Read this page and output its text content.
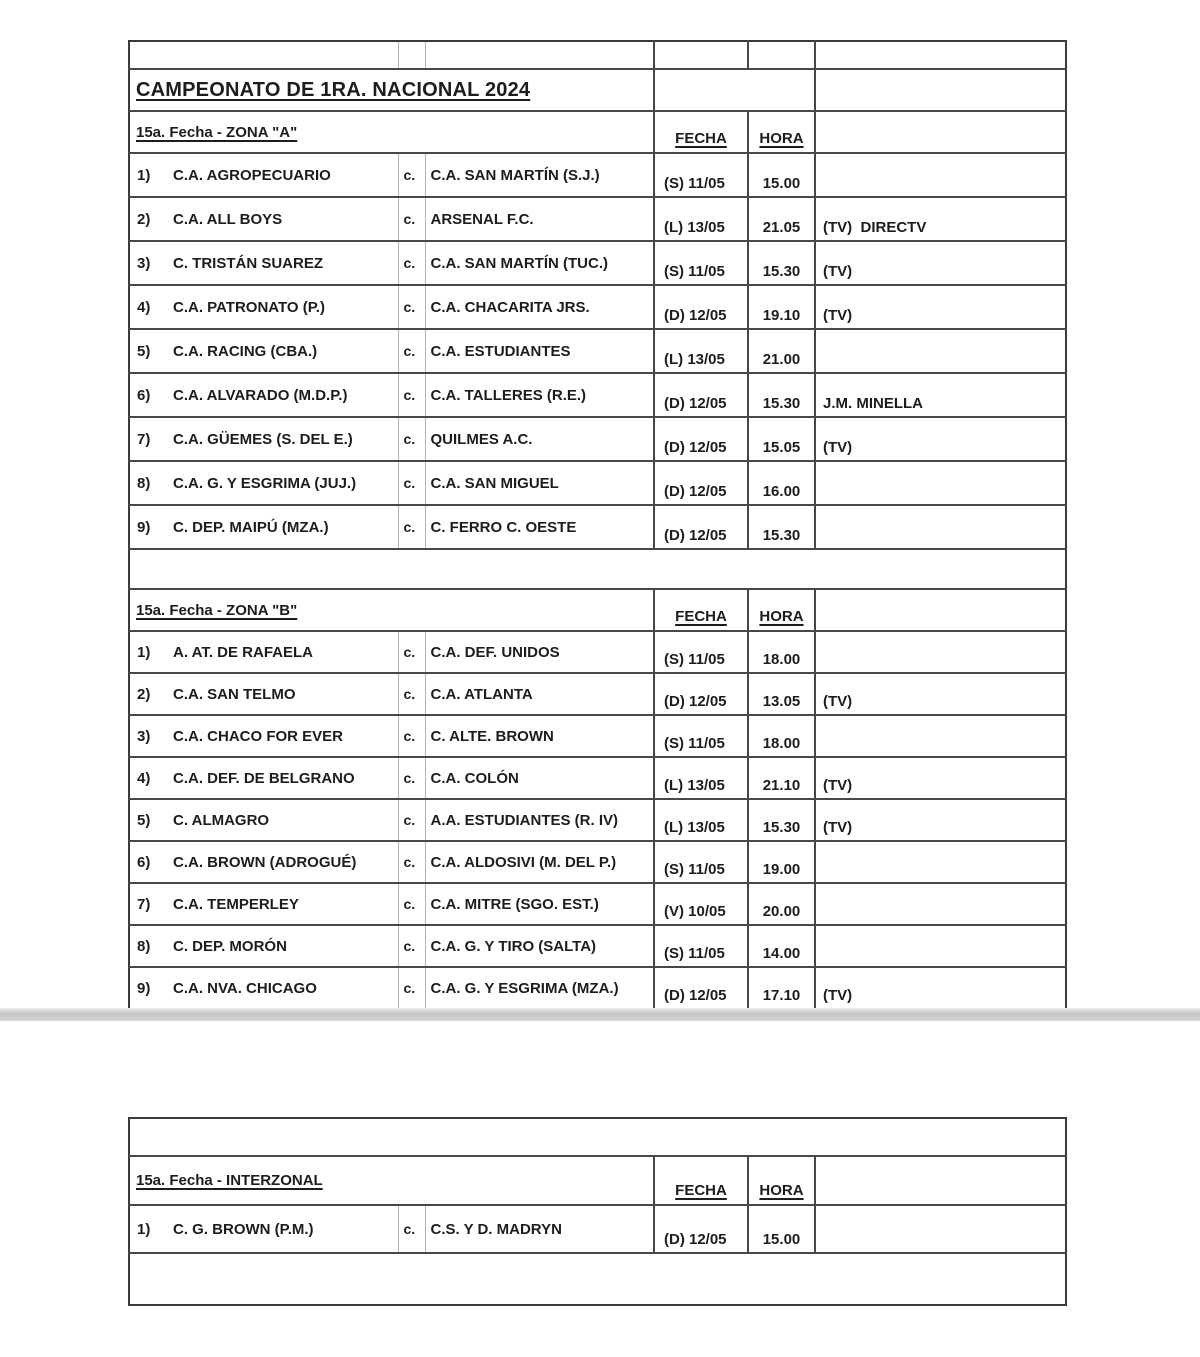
CAMPEONATO DE 1RA. NACIONAL 2024					
15a. Fecha - ZONA "A"			FECHA	HORA	
1) C.A. AGROPECUARIO	c.	C.A. SAN MARTÍN (S.J.)	(S) 11/05	15.00	
2) C.A. ALL BOYS	c.	ARSENAL F.C.	(L) 13/05	21.05	(TV)  DIRECTV
3) C. TRISTÁN SUAREZ	c.	C.A. SAN MARTÍN (TUC.)	(S) 11/05	15.30	(TV)
4) C.A. PATRONATO (P.)	c.	C.A. CHACARITA JRS.	(D) 12/05	19.10	(TV)
5) C.A. RACING (CBA.)	c.	C.A. ESTUDIANTES	(L) 13/05	21.00	
6) C.A. ALVARADO (M.D.P.)	c.	C.A. TALLERES (R.E.)	(D) 12/05	15.30	J.M. MINELLA
7) C.A. GÜEMES (S. DEL E.)	c.	QUILMES A.C.	(D) 12/05	15.05	(TV)
8) C.A. G. Y ESGRIMA (JUJ.)	c.	C.A. SAN MIGUEL	(D) 12/05	16.00	
9) C. DEP. MAIPÚ (MZA.)	c.	C. FERRO C. OESTE	(D) 12/05	15.30	

15a. Fecha - ZONA "B"			FECHA	HORA	
1) A. AT. DE RAFAELA	c.	C.A. DEF. UNIDOS	(S) 11/05	18.00	
2) C.A. SAN TELMO	c.	C.A. ATLANTA	(D) 12/05	13.05	(TV)
3) C.A. CHACO FOR EVER	c.	C. ALTE. BROWN	(S) 11/05	18.00	
4) C.A. DEF. DE BELGRANO	c.	C.A. COLÓN	(L) 13/05	21.10	(TV)
5) C. ALMAGRO	c.	A.A. ESTUDIANTES (R. IV)	(L) 13/05	15.30	(TV)
6) C.A. BROWN (ADROGUÉ)	c.	C.A. ALDOSIVI (M. DEL P.)	(S) 11/05	19.00	
7) C.A. TEMPERLEY	c.	C.A. MITRE (SGO. EST.)	(V) 10/05	20.00	
8) C. DEP. MORÓN	c.	C.A. G. Y TIRO (SALTA)	(S) 11/05	14.00	
9) C.A. NVA. CHICAGO	c.	C.A. G. Y ESGRIMA (MZA.)	(D) 12/05	17.10	(TV)

15a. Fecha - INTERZONAL			FECHA	HORA	
1) C. G. BROWN (P.M.)	c.	C.S. Y D. MADRYN	(D) 12/05	15.00	
